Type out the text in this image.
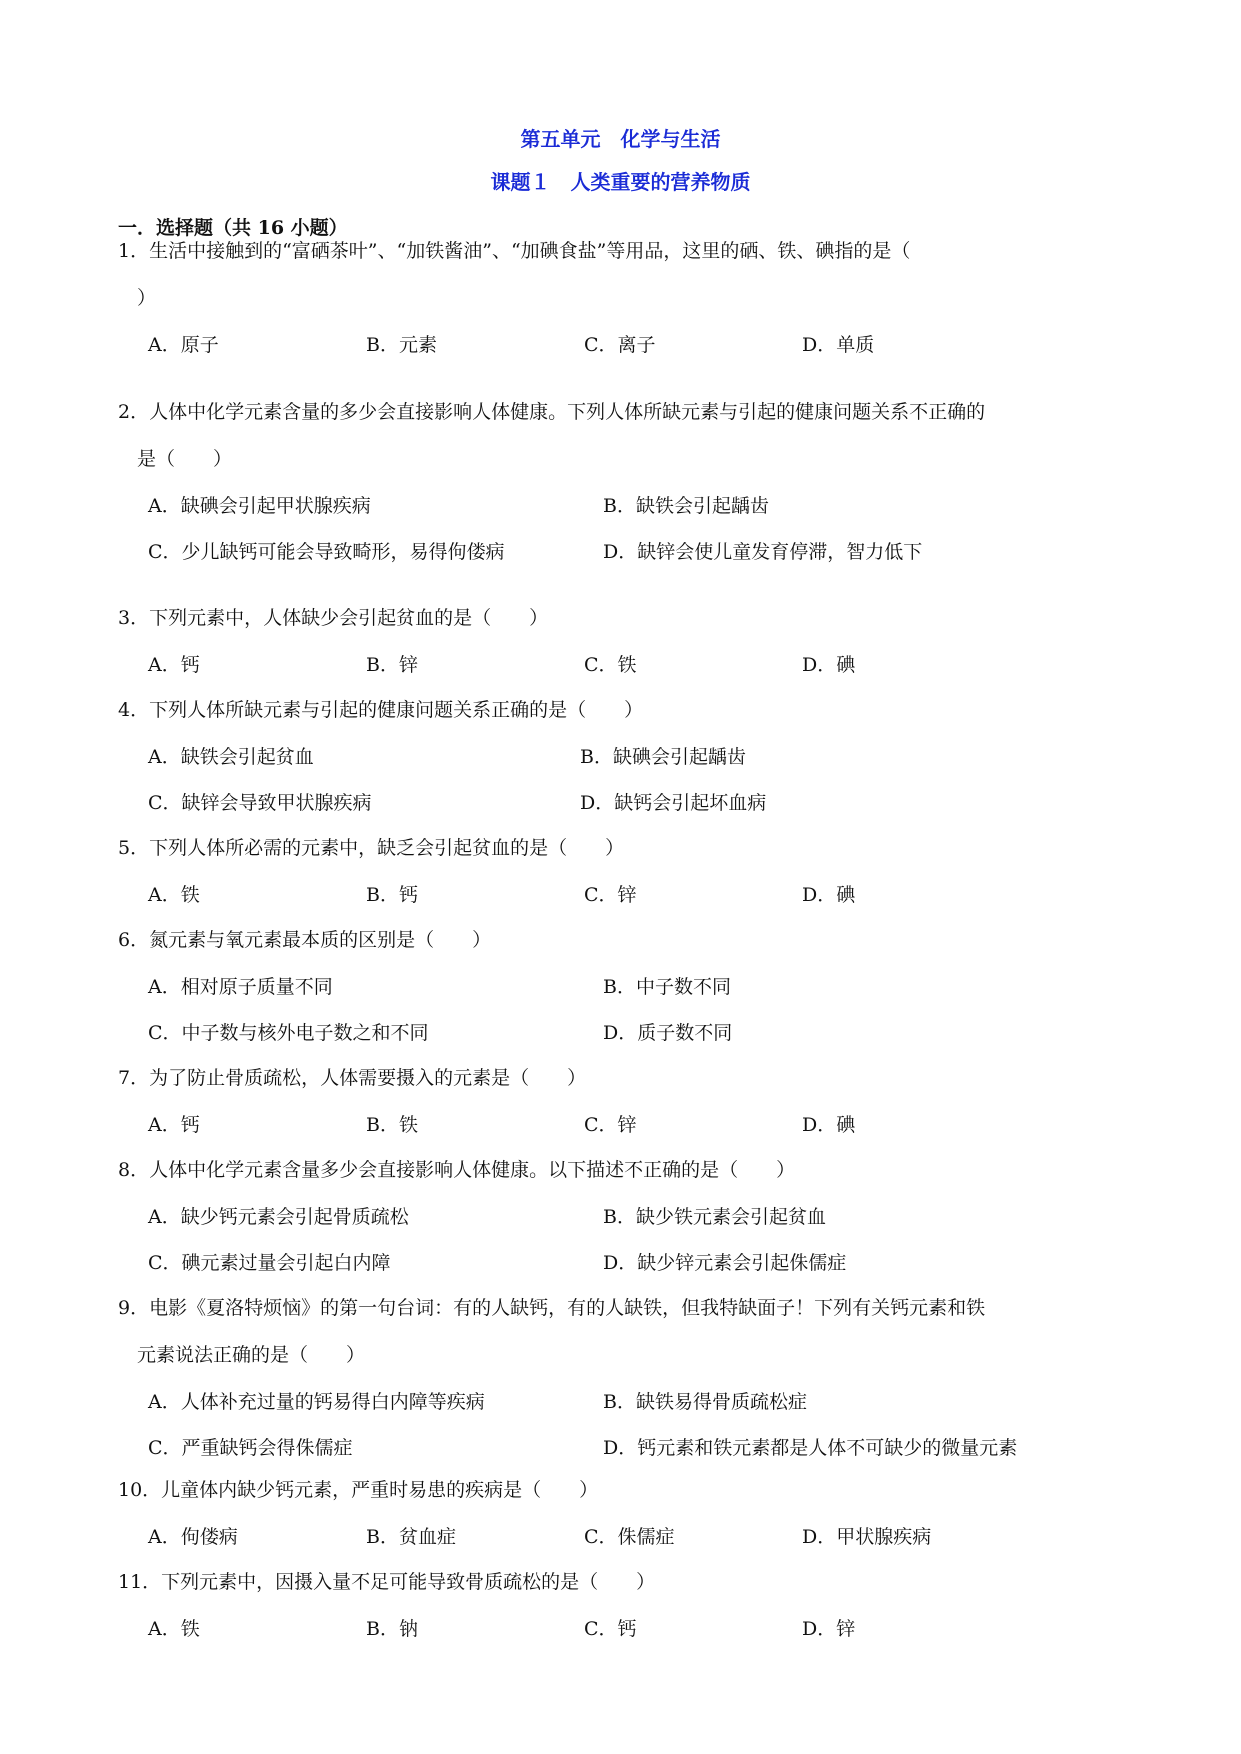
第五单元　化学与生活
课题１　人类重要的营养物质
一．选择题（共 16 小题）
1．生活中接触到的“富硒茶叶”、“加铁酱油”、“加碘食盐”等用品，这里的硒、铁、碘指的是（
　）
A．原子	B．元素	C．离子	D．单质
2．人体中化学元素含量的多少会直接影响人体健康。下列人体所缺元素与引起的健康问题关系不正确的
　是（　　）
A．缺碘会引起甲状腺疾病	B．缺铁会引起龋齿
C．少儿缺钙可能会导致畸形，易得佝偻病	D．缺锌会使儿童发育停滞，智力低下
3．下列元素中，人体缺少会引起贫血的是（　　）
A．钙	B．锌	C．铁	D．碘
4．下列人体所缺元素与引起的健康问题关系正确的是（　　）
A．缺铁会引起贫血	B．缺碘会引起龋齿
C．缺锌会导致甲状腺疾病	D．缺钙会引起坏血病
5．下列人体所必需的元素中，缺乏会引起贫血的是（　　）
A．铁	B．钙	C．锌	D．碘
6．氮元素与氧元素最本质的区别是（　　）
A．相对原子质量不同	B．中子数不同
C．中子数与核外电子数之和不同	D．质子数不同
7．为了防止骨质疏松，人体需要摄入的元素是（　　）
A．钙	B．铁	C．锌	D．碘
8．人体中化学元素含量多少会直接影响人体健康。以下描述不正确的是（　　）
A．缺少钙元素会引起骨质疏松	B．缺少铁元素会引起贫血
C．碘元素过量会引起白内障	D．缺少锌元素会引起侏儒症
9．电影《夏洛特烦恼》的第一句台词：有的人缺钙，有的人缺铁，但我特缺面子！下列有关钙元素和铁
　元素说法正确的是（　　）
A．人体补充过量的钙易得白内障等疾病	B．缺铁易得骨质疏松症
C．严重缺钙会得侏儒症	D．钙元素和铁元素都是人体不可缺少的微量元素
10．儿童体内缺少钙元素，严重时易患的疾病是（　　）
A．佝偻病	B．贫血症	C．侏儒症	D．甲状腺疾病
11．下列元素中，因摄入量不足可能导致骨质疏松的是（　　）
A．铁	B．钠	C．钙	D．锌
